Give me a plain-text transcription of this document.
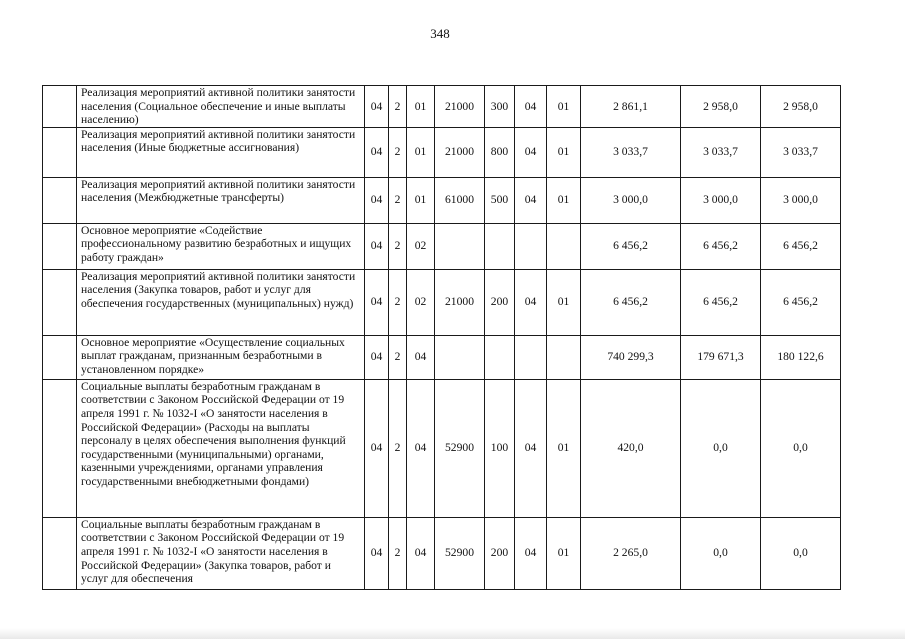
348
	Реализация мероприятий активной политики занятости населения (Социальное обеспечение и иные выплаты населению)	04	2	01	21000	300	04	01	2 861,1	2 958,0	2 958,0
	Реализация мероприятий активной политики занятости населения (Иные бюджетные ассигнования)	04	2	01	21000	800	04	01	3 033,7	3 033,7	3 033,7
	Реализация мероприятий активной политики занятости населения (Межбюджетные трансферты)	04	2	01	61000	500	04	01	3 000,0	3 000,0	3 000,0
	Основное мероприятие «Содействие профессиональному развитию безработных и ищущих работу граждан»	04	2	02					6 456,2	6 456,2	6 456,2
	Реализация мероприятий активной политики занятости населения (Закупка товаров, работ и услуг для обеспечения государственных (муниципальных) нужд)	04	2	02	21000	200	04	01	6 456,2	6 456,2	6 456,2
	Основное мероприятие «Осуществление социальных выплат гражданам, признанным безработными в установленном порядке»	04	2	04					740 299,3	179 671,3	180 122,6
	Социальные выплаты безработным гражданам в соответствии с Законом Российской Федерации от 19 апреля 1991 г. № 1032-I «О занятости населения в Российской Федерации» (Расходы на выплаты персоналу в целях обеспечения выполнения функций государственными (муниципальными) органами, казенными учреждениями, органами управления государственными внебюджетными фондами)	04	2	04	52900	100	04	01	420,0	0,0	0,0
	Социальные выплаты безработным гражданам в соответствии с Законом Российской Федерации от 19 апреля 1991 г. № 1032-I «О занятости населения в Российской Федерации» (Закупка товаров, работ и услуг для обеспечения	04	2	04	52900	200	04	01	2 265,0	0,0	0,0
